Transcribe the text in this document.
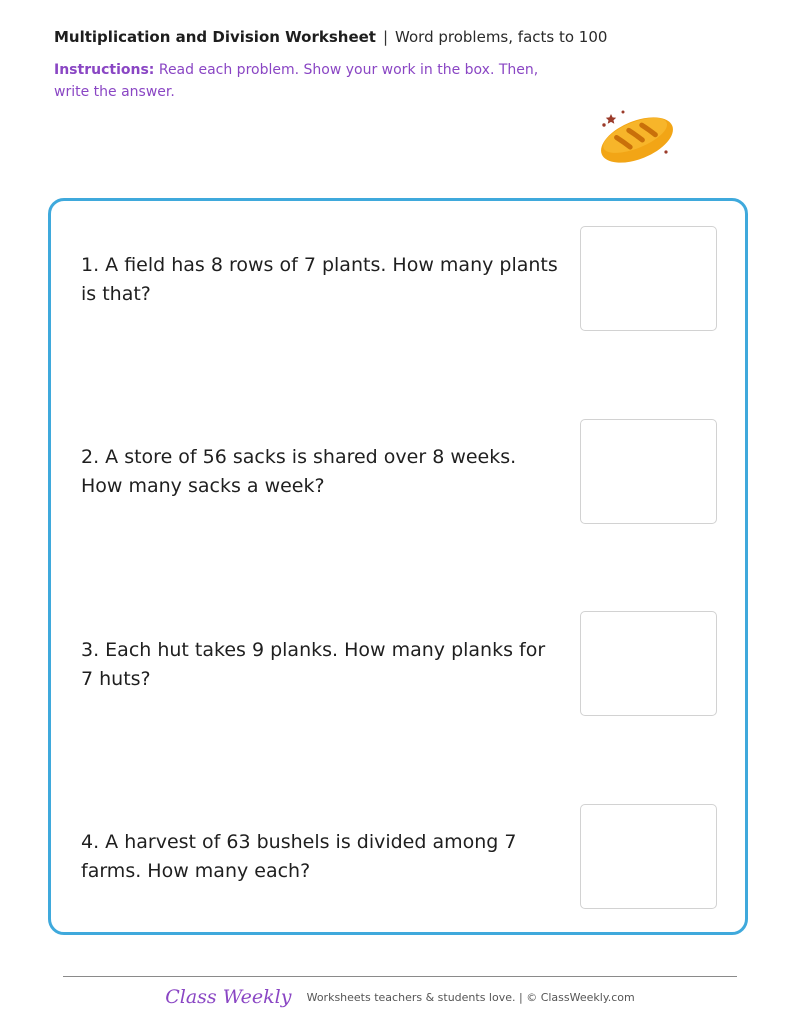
Multiplication and Division Worksheet | Word problems, facts to 100
Instructions: Read each problem. Show your work in the box. Then, write the answer.
1. A field has 8 rows of 7 plants. How many plants is that?
2. A store of 56 sacks is shared over 8 weeks. How many sacks a week?
3. Each hut takes 9 planks. How many planks for 7 huts?
4. A harvest of 63 bushels is divided among 7 farms. How many each?
Class Weekly Worksheets teachers & students love. | © ClassWeekly.com
